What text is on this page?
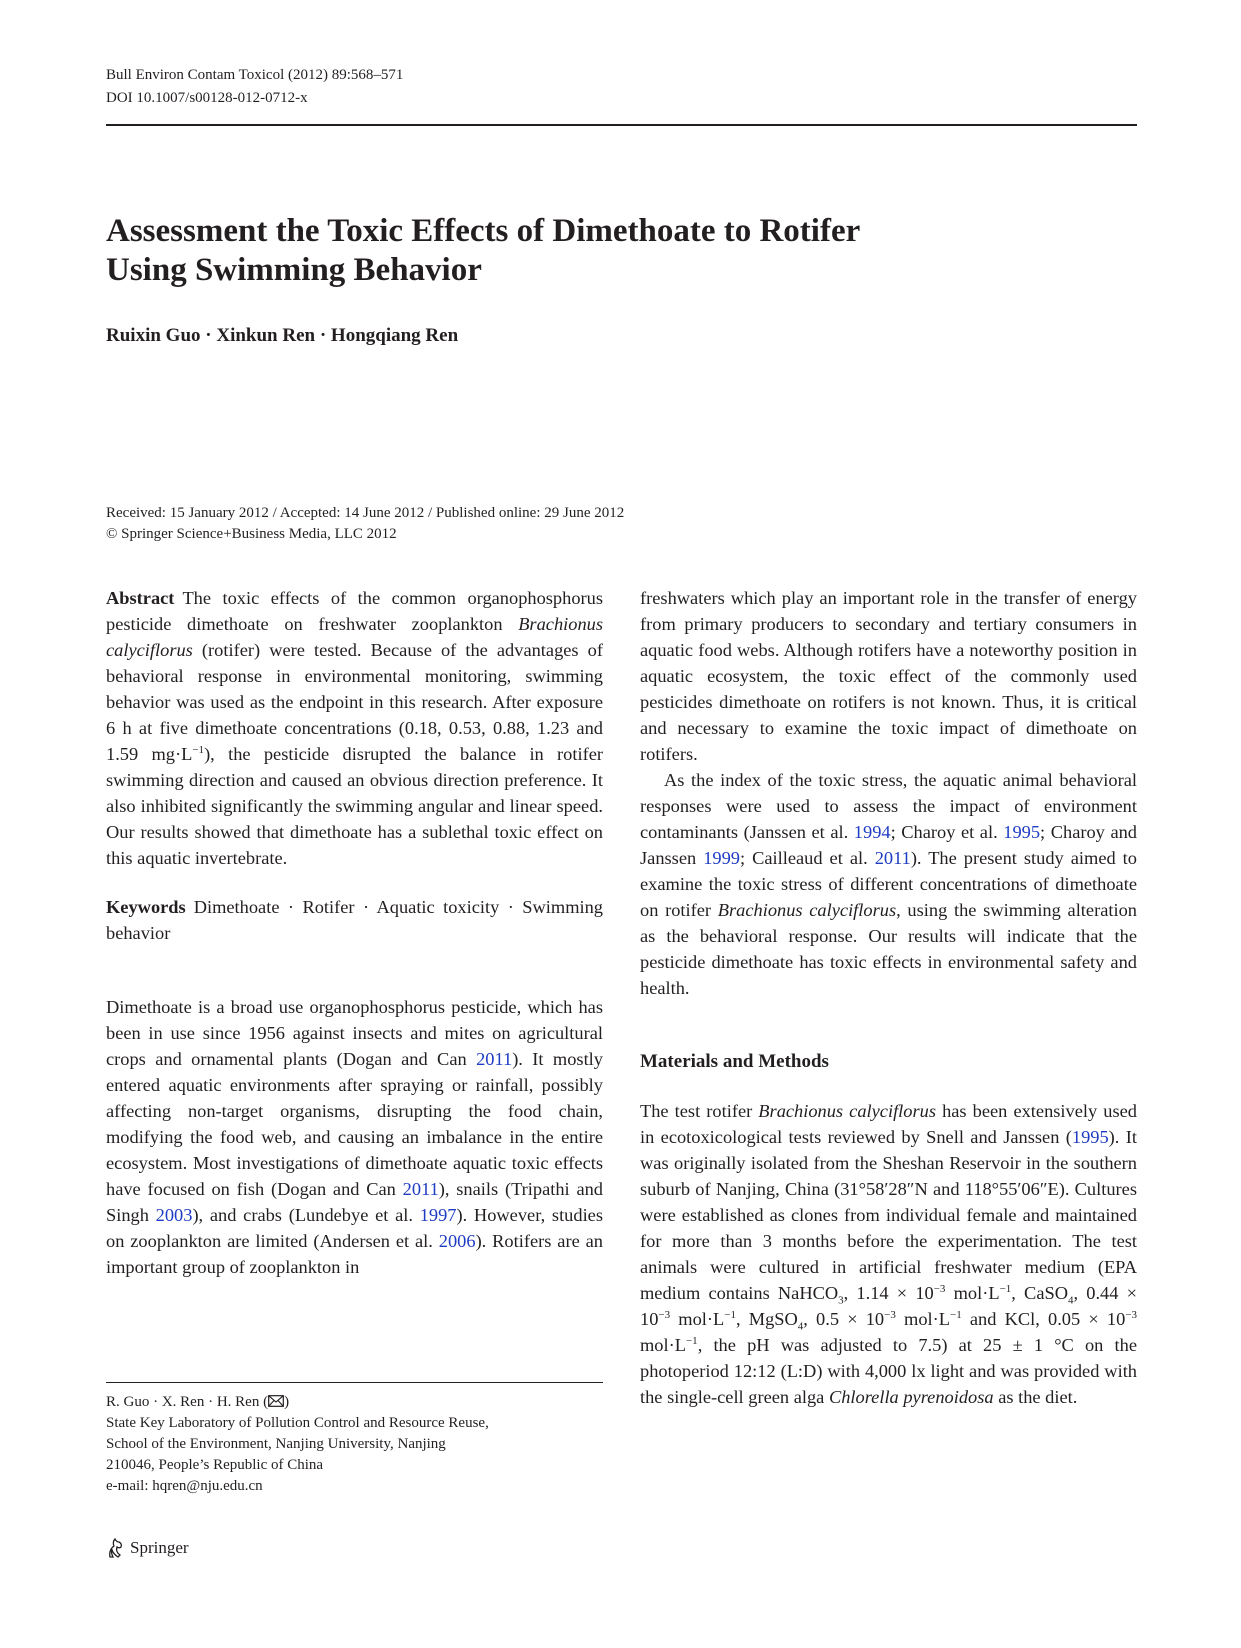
Bull Environ Contam Toxicol (2012) 89:568–571
DOI 10.1007/s00128-012-0712-x
Assessment the Toxic Effects of Dimethoate to Rotifer
Using Swimming Behavior
Ruixin Guo · Xinkun Ren · Hongqiang Ren
Received: 15 January 2012 / Accepted: 14 June 2012 / Published online: 29 June 2012
© Springer Science+Business Media, LLC 2012

Abstract The toxic effects of the common organophosphorus pesticide dimethoate on freshwater zooplankton Brachionus calyciflorus (rotifer) were tested. Because of the advantages of behavioral response in environmental monitoring, swimming behavior was used as the endpoint in this research. After exposure 6 h at five dimethoate concentrations (0.18, 0.53, 0.88, 1.23 and 1.59 $mg\cdot L^{-1}$), the pesticide disrupted the balance in rotifer swimming direction and caused an obvious direction preference. It also inhibited significantly the swimming angular and linear speed. Our results showed that dimethoate has a sublethal toxic effect on this aquatic invertebrate.

Keywords Dimethoate · Rotifer · Aquatic toxicity · Swimming behavior

Dimethoate is a broad use organophosphorus pesticide, which has been in use since 1956 against insects and mites on agricultural crops and ornamental plants (Dogan and Can 2011). It mostly entered aquatic environments after spraying or rainfall, possibly affecting non-target organisms, disrupting the food chain, modifying the food web, and causing an imbalance in the entire ecosystem. Most investigations of dimethoate aquatic toxic effects have focused on fish (Dogan and Can 2011), snails (Tripathi and Singh 2003), and crabs (Lundebye et al. 1997). However, studies on zooplankton are limited (Andersen et al. 2006). Rotifers are an important group of zooplankton in

freshwaters which play an important role in the transfer of energy from primary producers to secondary and tertiary consumers in aquatic food webs. Although rotifers have a noteworthy position in aquatic ecosystem, the toxic effect of the commonly used pesticides dimethoate on rotifers is not known. Thus, it is critical and necessary to examine the toxic impact of dimethoate on rotifers.

As the index of the toxic stress, the aquatic animal behavioral responses were used to assess the impact of environment contaminants (Janssen et al. 1994; Charoy et al. 1995; Charoy and Janssen 1999; Cailleaud et al. 2011). The present study aimed to examine the toxic stress of different concentrations of dimethoate on rotifer Brachionus calyciflorus, using the swimming alteration as the behavioral response. Our results will indicate that the pesticide dimethoate has toxic effects in environmental safety and health.

Materials and Methods

The test rotifer Brachionus calyciflorus has been extensively used in ecotoxicological tests reviewed by Snell and Janssen (1995). It was originally isolated from the Sheshan Reservoir in the southern suburb of Nanjing, China (31°58′28″N and 118°55′06″E). Cultures were established as clones from individual female and maintained for more than 3 months before the experimentation. The test animals were cultured in artificial freshwater medium (EPA medium contains NaHCO$_3$, $1.14 \times 10^{-3}$ $mol\cdot L^{-1}$, CaSO$_4$, $0.44 \times 10^{-3}$ $mol\cdot L^{-1}$, MgSO$_4$, $0.5 \times 10^{-3}$ $mol\cdot L^{-1}$ and KCl, $0.05 \times 10^{-3}$ $mol\cdot L^{-1}$, the pH was adjusted to 7.5) at 25 ± 1 °C on the photoperiod 12:12 (L:D) with 4,000 lx light and was provided with the single-cell green alga Chlorella pyrenoidosa as the diet.

R. Guo · X. Ren · H. Ren ( )
State Key Laboratory of Pollution Control and Resource Reuse,
School of the Environment, Nanjing University, Nanjing
210046, People’s Republic of China
e-mail: hqren@nju.edu.cn
Springer
